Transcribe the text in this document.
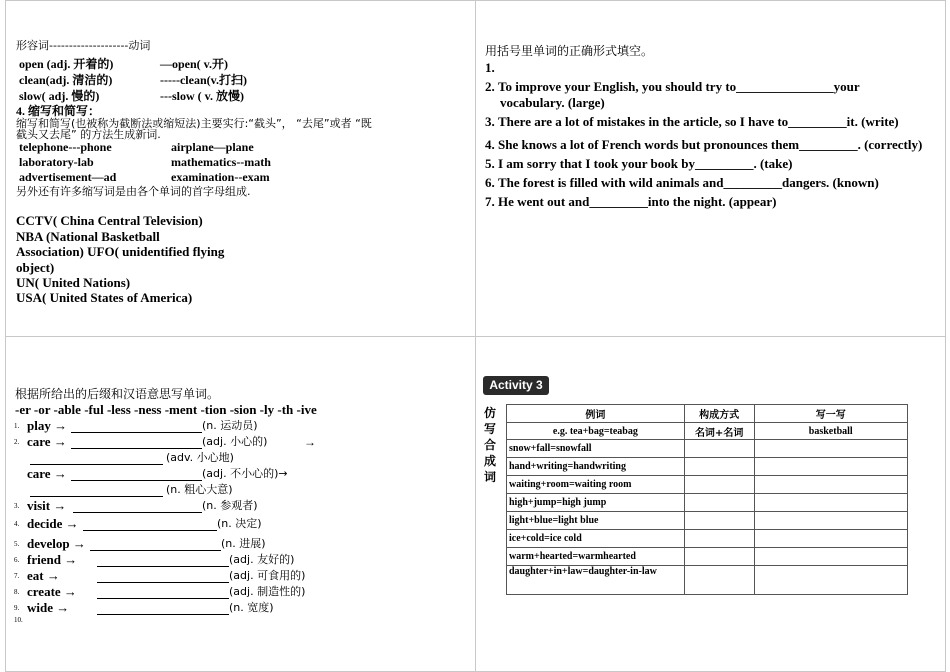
形容词--------------------动词
open (adj. 开着的)	—open( v.开)
clean(adj. 清洁的)	-----clean(v.打扫)
slow( adj. 慢的)	---slow ( v. 放慢)
4. 缩写和简写：
缩写和简写(也被称为截断法或缩短法)主要实行:“截头”， “去尾”或者 “既
截头又去尾” 的方法生成新词.
telephone---phone	airplane—plane
laboratory-lab	mathematics--math
advertisement—ad	examination--exam
另外还有许多缩写词是由各个单词的首字母组成.
CCTV( China Central Television)
NBA (National Basketball
Association) UFO( unidentified flying
object)
UN( United Nations)
USA( United States of America)
用括号里单词的正确形式填空。
1.
2. To improve your English, you should try to_______________your
vocabulary. (large)
3. There are a lot of mistakes in the article, so I have to_________it. (write)
4. She knows a lot of French words but pronounces them_________. (correctly)
5. I am sorry that I took your book by_________. (take)
6. The forest is filled with wild animals and_________dangers. (known)
7. He went out and_________into the night. (appear)
根据所给出的后缀和汉语意思写单词。
-er -or -able -ful -less -ness -ment -tion -sion -ly -th -ive
1. play →	(n. 运动员)
2. care →	(adj. 小心的)	→
(adv. 小心地)
care →	(adj. 不小心的)→
(n. 粗心大意)
3. visit →	(n. 参观者)
4. decide →	(n. 决定)
5. develop →	(n. 进展)
6. friend →	(adj. 友好的)
7. eat →	(adj. 可食用的)
8. create →	(adj. 制造性的)
9. wide →	(n. 宽度)
10.
Activity 3
仿
写
合
成
词
例词	构成方式	写一写
e.g. tea+bag=teabag	名词+名词	basketball
snow+fall=snowfall		
hand+writing=handwriting		
waiting+room=waiting room		
high+jump=high jump		
light+blue=light blue		
ice+cold=ice cold		
warm+hearted=warmhearted		
daughter+in+law=daughter-in-law		
